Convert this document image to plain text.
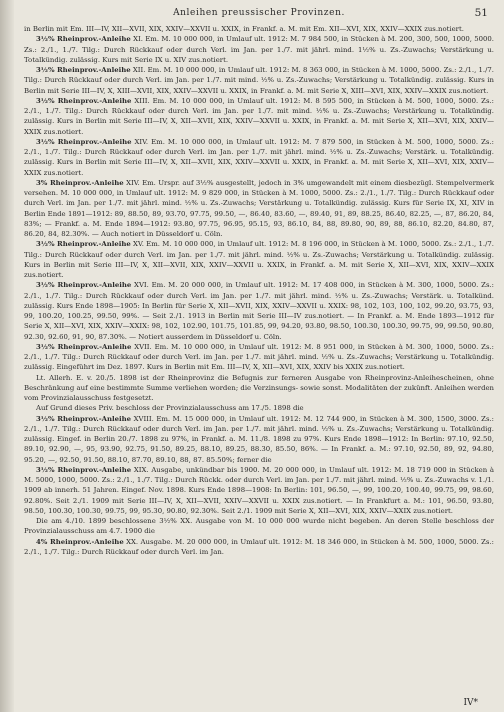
Anleihen preussischer Provinzen.	51

in Berlin mit Em. III—IV, XII—XVII, XIX, XXIV—XXVII u. XXIX, in Frankf. a. M. mit Em. XII—XVI, XIX, XXIV—XXIX zus.notiert.

3½% Rheinprov.-Anleihe XI. Em. M. 10 000 000, in Umlauf ult. 1912: M. 7 984 500, in Stücken à M. 200, 300, 500, 1000, 5000. Zs.: 2./1., 1./7. Tilg.: Durch Rückkauf oder durch Verl. im Jan. per 1./7. mit jährl. mind. 1½% u. Zs.-Zuwachs; Verstärkung u. Totalkündig. zulässig. Kurs mit Serie IX u. XIV zus.notiert.

3½% Rheinprov.-Anleihe XII. Em. M. 10 000 000, in Umlauf ult. 1912: M. 8 363 000, in Stücken à M. 1000, 5000. Zs.: 2./1., 1./7. Tilg.: Durch Rückkauf oder durch Verl. im Jan. per 1./7. mit mind. ½% u. Zs.-Zuwachs; Verstärkung u. Totalkündig. zulässig. Kurs in Berlin mit Serie III—IV, X, XIII—XVII, XIX, XXIV—XXVII u. XXIX, in Frankf. a. M. mit Serie X, XIII—XVI, XIX, XXIV—XXIX zus.notiert.

3½% Rheinprov.-Anleihe XIII. Em. M. 10 000 000, in Umlauf ult. 1912: M. 8 595 500, in Stücken à M. 500, 1000, 5000. Zs.: 2./1., 1./7. Tilg.: Durch Rückkauf oder durch Verl. im Jan. per 1./7. mit mind. ½% u. Zs.-Zuwachs; Verstärkung u. Totalkündig. zulässig. Kurs in Berlin mit Serie III—IV, X, XII—XVII, XIX, XXIV—XXVII u. XXIX, in Frankf. a. M. mit Serie X, XII—XVI, XIX, XXIV—XXIX zus.notiert.

3½% Rheinprov.-Anleihe XIV. Em. M. 10 000 000, in Umlauf ult. 1912: M. 7 879 500, in Stücken à M. 500, 1000, 5000. Zs.: 2./1., 1./7. Tilg.: Durch Rückkauf oder durch Verl. im Jan. per 1./7. mit jährl. mind. ½% u. Zs.-Zuwachs; Verstärk. u. Totalkündig. zulässig. Kurs in Berlin mit Serie III—IV, X, XII—XVII, XIX, XXIV—XXVII u. XXIX, in Frankf. a. M. mit Serie X, XII—XVI, XIX, XXIV—XXIX zus.notiert.

3% Rheinprov.-Anleihe XIV. Em. Urspr. auf 3½% ausgestellt, jedoch in 3% umgewandelt mit einem diesbezügl. Stempelvermerk versehen. M. 10 000 000, in Umlauf ult. 1912: M. 9 829 000, in Stücken à M. 1000, 5000. Zs.: 2./1., 1./7. Tilg.: Durch Rückkauf oder durch Verl. im Jan. per 1./7. mit jährl. mind. ½% u. Zs.-Zuwachs; Verstärkung u. Totalkündig. zulässig. Kurs für Serie IX, XI, XIV in Berlin Ende 1891—1912: 89, 88.50, 89, 93.70, 97.75, 99.50, —, 86.40, 83.60, —, 89.40, 91, 89, 88.25, 86.40, 82.25, —, 87, 86.20, 84, 83%; — Frankf. a. M. Ende 1894—1912: 93.80, 97.75, 96.95, 95.15, 93, 86.10, 84, 88, 89.80, 90, 89, 88, 86.10, 82.20, 84.80, 87, 86.20, 84, 82.30%. — Auch notiert in Düsseldorf u. Cöln.

3½% Rheinprov.-Anleihe XV. Em. M. 10 000 000, in Umlauf ult. 1912: M. 8 196 000, in Stücken à M. 1000, 5000. Zs.: 2./1., 1./7. Tilg.: Durch Rückkauf oder durch Verl. im Jan. per 1./7. mit jährl. mind. ½% u. Zs.-Zuwachs; Verstärkung u. Totalkündig. zulässig. Kurs in Berlin mit Serie III—IV, X, XII—XVII, XIX, XXIV—XXVII u. XXIX, in Frankf. a. M. mit Serie X, XII—XVI, XIX, XXIV—XXIX zus.notiert.

3½% Rheinprov.-Anleihe XVI. Em. M. 20 000 000, in Umlauf ult. 1912: M. 17 408 000, in Stücken à M. 300, 1000, 5000. Zs.: 2./1., 1./7. Tilg.: Durch Rückkauf oder durch Verl. im Jan. per 1./7. mit jährl. mind. ½% u. Zs.-Zuwachs; Verstärk. u. Totalkünd. zulässig. Kurs Ende 1898—1905: In Berlin für Serie X, XII—XVII, XIX, XXIV—XXVII u. XXIX: 98, 102, 103, 100, 102, 99.20, 93.75, 93, 99, 100.20, 100.25, 99.50, 99%. — Seit 2./1. 1913 in Berlin mit Serie III—IV zus.notiert. — In Frankf. a. M. Ende 1893—1912 für Serie X, XII—XVI, XIX, XXIV—XXIX: 98, 102, 102.90, 101.75, 101.85, 99, 94.20, 93.80, 98.50, 100.30, 100.30, 99.75, 99, 99.50, 90.80, 92.30, 92.60, 91, 90, 87.30%. — Notiert ausserdem in Düsseldorf u. Cöln.

3½% Rheinprov.-Anleihe XVII. Em. M. 10 000 000, in Umlauf ult. 1912: M. 8 951 000, in Stücken à M. 300, 1000, 5000. Zs.: 2./1., 1./7. Tilg.: Durch Rückkauf oder durch Verl. im Jan. per 1./7. mit jährl. mind. ½% u. Zs.-Zuwachs; Verstärkung u. Totalkündig. zulässig. Eingeführt im Dez. 1897. Kurs in Berlin mit Em. III—IV, X, XII—XVI, XIX, XXIV bis XXIX zus.notiert.

Lt. Allerh. E. v. 20./5. 1898 ist der Rheinprovinz die Befugnis zur ferneren Ausgabe von Rheinprovinz-Anleihescheinen, ohne Beschränkung auf eine bestimmte Summe verliehen worden; die Verzinsungs- sowie sonst. Modalitäten der zukünft. Anleihen werden vom Provinzialausschuss festgesetzt.

Auf Grund dieses Priv. beschloss der Provinzialausschuss am 17./5. 1898 die

3½% Rheinprov.-Anleihe XVIII. Em. M. 15 000 000, in Umlauf ult. 1912: M. 12 744 900, in Stücken à M. 300, 1500, 3000. Zs.: 2./1., 1./7. Tilg.: Durch Rückkauf oder durch Verl. im Jan. per 1./7. mit jährl. mind. ½% u. Zs.-Zuwachs; Verstärkung u. Totalkündig. zulässig. Eingef. in Berlin 20./7. 1898 zu 97%, in Frankf. a. M. 11./8. 1898 zu 97%. Kurs Ende 1898—1912: In Berlin: 97.10, 92.50, 89.10, 92.90, —, 95, 93.90, 92.75, 91.50, 89.25, 88.10, 89.25, 88.30, 85.50, 86%. — In Frankf. a. M.: 97.10, 92.50, 89, 92, 94.80, 95.20, —, 92.50, 91.50, 88.10, 87.70, 89.10, 88, 87. 85.50%; ferner die

3½% Rheinprov.-Anleihe XIX. Ausgabe, unkündbar bis 1900. M. 20 000 000, in Umlauf ult. 1912: M. 18 719 000 in Stücken à M. 5000, 1000, 5000. Zs.: 2./1., 1./7. Tilg.: Durch Rückk. oder durch Verl. im Jan. per 1./7. mit jährl. mind. ½% u. Zs.-Zuwachs v. 1./1. 1909 ab innerh. 51 Jahren. Eingef. Nov. 1898. Kurs Ende 1898—1908: In Berlin: 101, 96.50, —, 99, 100.20, 100.40, 99.75, 99, 98.60, 92.80%. Seit 2./1. 1909 mit Serie III—IV, X, XII—XVII, XXIV—XXVII u. XXIX zus.notiert. — In Frankfurt a. M.: 101, 96.50, 93.80, 98.50, 100.30, 100.30, 99.75, 99, 95.30, 90.80, 92.30%. Seit 2./1. 1909 mit Serie X, XII—XVI, XIX, XXIV—XXIX zus.notiert.

Die am 4./10. 1899 beschlossene 3½% XX. Ausgabe von M. 10 000 000 wurde nicht begeben. An deren Stelle beschloss der Provinzialausschuss am 4.7. 1900 die

4% Rheinprov.-Anleihe XX. Ausgabe. M. 20 000 000, in Umlauf ult. 1912: M. 18 346 000, in Stücken à M. 500, 1000, 5000. Zs.: 2./1., 1./7. Tilg.: Durch Rückkauf oder durch Verl. im Jan.

IV*
